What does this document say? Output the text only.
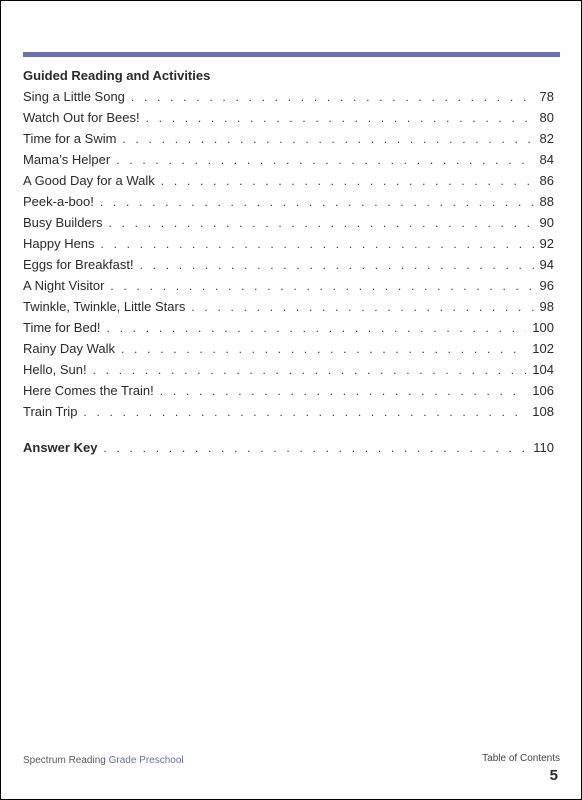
Guided Reading and Activities
Sing a Little Song . . .	78
Watch Out for Bees! . . .	80
Time for a Swim . . .	82
Mama’s Helper . . .	84
A Good Day for a Walk . . .	86
Peek-a-boo! . . .	88
Busy Builders . . .	90
Happy Hens . . .	92
Eggs for Breakfast! . . .	94
A Night Visitor . . .	96
Twinkle, Twinkle, Little Stars . . .	98
Time for Bed! . . .	100
Rainy Day Walk . . .	102
Hello, Sun! . . .	104
Here Comes the Train! . . .	106
Train Trip . . .	108
Answer Key . . .	110
Spectrum Reading Grade Preschool	Table of Contents
5
